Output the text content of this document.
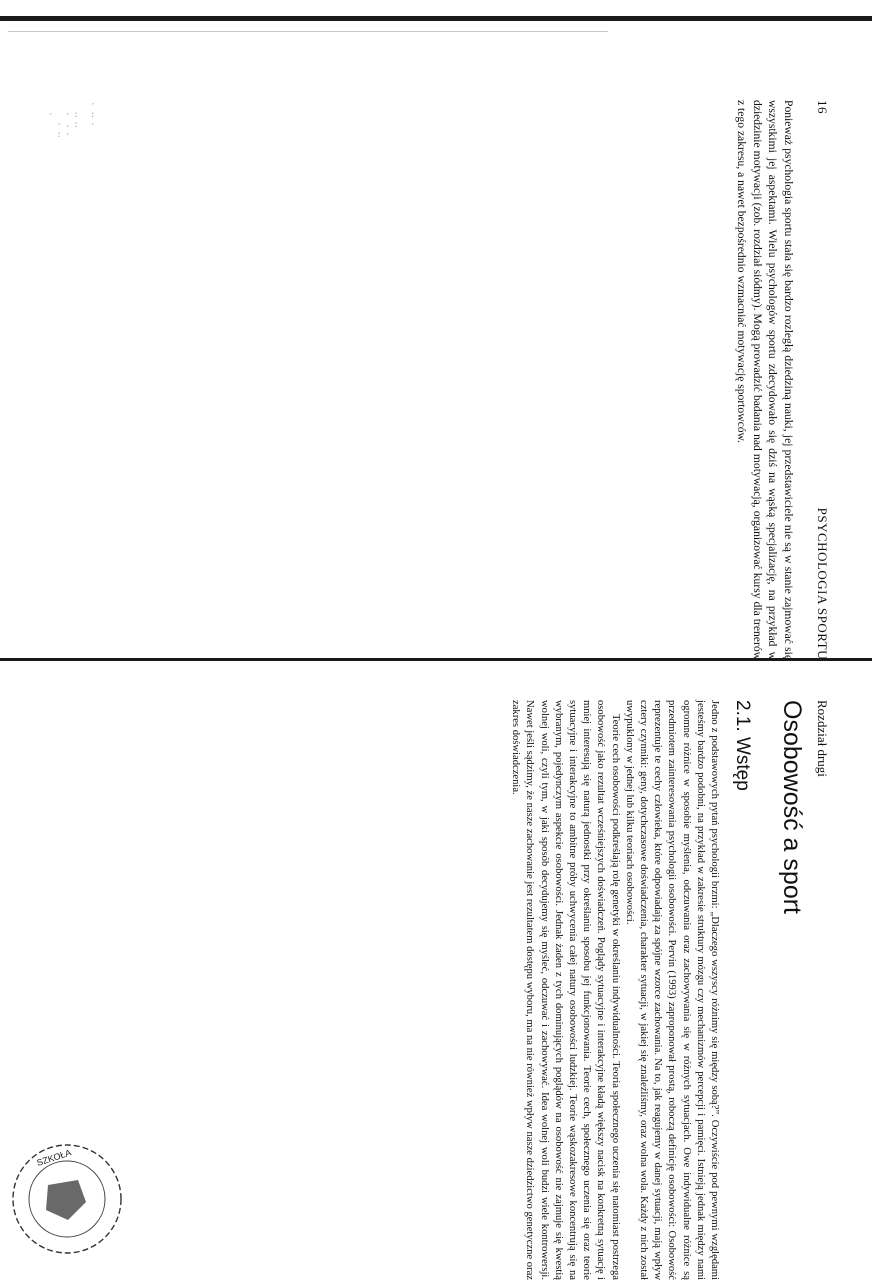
· ·:
·.:
:·
·
:
·
16
PSYCHOLOGIA SPORTU

Ponieważ psychologia sportu stała się bardzo rozległą dziedziną nauki, jej przedstawiciele nie są w stanie zajmować się wszystkimi jej aspektami. Wielu psychologów sportu zdecydowało się dziś na wąską specjalizację, na przykład w dziedzinie motywacji (zob. rozdział siódmy). Mogą prowadzić badania nad motywacją, organizować kursy dla trenerów z tego zakresu, a nawet bezpośrednio wzmacniać motywację sportowców.

Rozdział drugi

Osobowość a sport
2.1. Wstęp

Jedno z podstawowych pytań psychologii brzmi: „Dlaczego wszyscy różnimy się między sobą?”. Oczywiście pod pewnymi względami jesteśmy bardzo podobni, na przykład w zakresie struktury mózgu czy mechanizmów percepcji i pamięci. Istnieją jednak między nami ogromne różnice w sposobie myślenia, odczuwania oraz zachowywania się w różnych sytuacjach. Owe indywidualne różnice są przedmiotem zainteresowania psychologii osobowości. Pervin (1993) zaproponował prostą, roboczą definicję osobowości: Osobowość reprezentuje te cechy człowieka, które odpowiadają za spójne wzorce zachowania. Na to, jak reagujemy w danej sytuacji, mają wpływ cztery czynniki: geny, dotychczasowe doświadczenia, charakter sytuacji, w jakiej się znaleźliśmy, oraz wolna wola. Każdy z nich został uwypuklony w jednej lub kilku teoriach osobowości.

Teorie cech osobowości podkreślają rolę genetyki w określaniu indywidualności. Teoria społecznego uczenia się natomiast postrzega osobowość jako rezultat wcześniejszych doświadczeń. Poglądy sytuacyjne i interakcyjne kładą większy nacisk na konkretną sytuację i mniej interesują się naturą jednostki przy określaniu sposobu jej funkcjonowania. Teorie cech, społecznego uczenia się oraz teorie sytuacyjne i interakcyjne to ambitne próby uchwycenia całej natury osobowości ludzkiej. Teorie wąskozakresowe koncentrują się na wybranym, pojedynczym aspekcie osobowości. Jednak żaden z tych dominujących poglądów na osobowość nie zajmuje się kwestią wolnej woli, czyli tym, w jaki sposób decydujemy się myśleć, odczuwać i zachowywać. Idea wolnej woli budzi wiele kontrowersji. Nawet jeśli sądzimy, że nasze zachowanie jest rezultatem dostępu wyboru, ma na nie również wpływ nasze dziedzictwo genetyczne oraz zakres doświadczenia.

SZKOŁA
